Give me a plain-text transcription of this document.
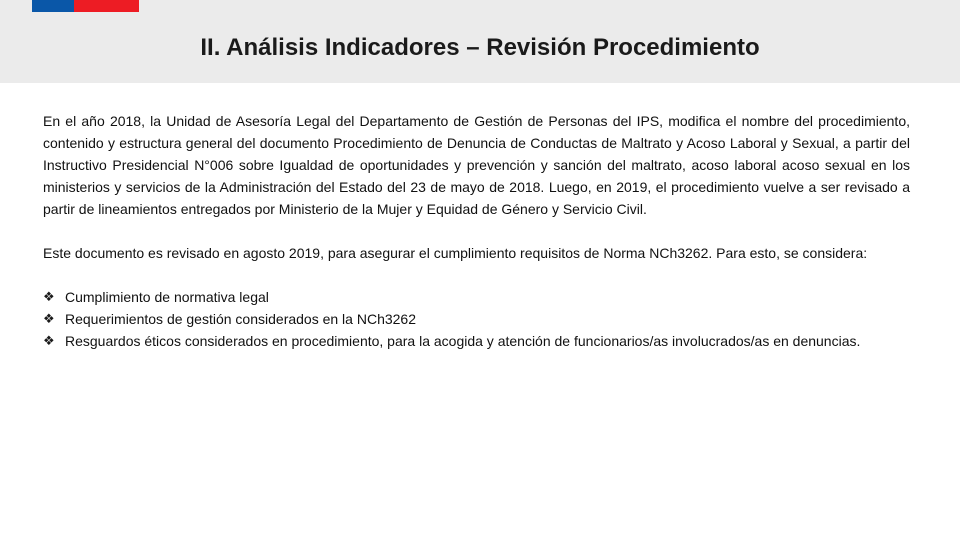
II. Análisis Indicadores – Revisión Procedimiento

En el año 2018, la Unidad de Asesoría Legal del Departamento de Gestión de Personas del IPS, modifica el nombre del procedimiento, contenido y estructura general del documento Procedimiento de Denuncia de Conductas de Maltrato y Acoso Laboral y Sexual, a partir del Instructivo Presidencial N°006 sobre Igualdad de oportunidades y prevención y sanción del maltrato, acoso laboral acoso sexual en los ministerios y servicios de la Administración del Estado del 23 de mayo de 2018. Luego, en 2019, el procedimiento vuelve a ser revisado a partir de lineamientos entregados por Ministerio de la Mujer y Equidad de Género y Servicio Civil.

Este documento es revisado en agosto 2019, para asegurar el cumplimiento requisitos de Norma NCh3262. Para esto, se considera:

❖ Cumplimiento de normativa legal
❖ Requerimientos de gestión considerados en la NCh3262
❖ Resguardos éticos considerados en procedimiento, para la acogida y atención de funcionarios/as involucrados/as en denuncias.
